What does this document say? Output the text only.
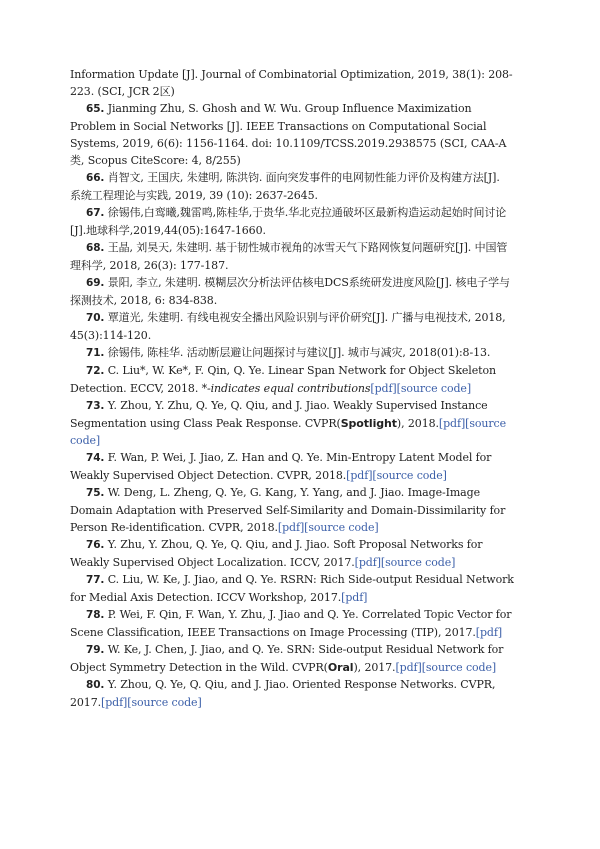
Information Update [J]. Journal of Combinatorial Optimization, 2019, 38(1): 208-223. (SCI, JCR 2区)

65. Jianming Zhu, S. Ghosh and W. Wu. Group Influence Maximization Problem in Social Networks [J]. IEEE Transactions on Computational Social Systems, 2019, 6(6): 1156-1164. doi: 10.1109/TCSS.2019.2938575 (SCI, CAA-A 类, Scopus CiteScore: 4, 8/255)

66. 肖智文, 王国庆, 朱建明, 陈洪钧. 面向突发事件的电网韧性能力评价及构建方法[J]. 系统工程理论与实践, 2019, 39 (10): 2637-2645.

67. 徐锡伟,白鸾曦,魏雷鸣,陈桂华,于贵华.华北克拉通破坏区最新构造运动起始时间讨论[J].地球科学,2019,44(05):1647-1660.

68. 王晶, 刘昊天, 朱建明. 基于韧性城市视角的冰雪天气下路网恢复问题研究[J]. 中国管理科学, 2018, 26(3): 177-187.

69. 景阳, 李立, 朱建明. 模糊层次分析法评估核电DCS系统研发进度风险[J]. 核电子学与探测技术, 2018, 6: 834-838.

70. 覃道光, 朱建明. 有线电视安全播出风险识别与评价研究[J]. 广播与电视技术, 2018, 45(3):114-120.

71. 徐锡伟, 陈桂华. 活动断层避让问题探讨与建议[J]. 城市与减灾, 2018(01):8-13.

72. C. Liu*, W. Ke*, F. Qin, Q. Ye. Linear Span Network for Object Skeleton Detection. ECCV, 2018. *-indicates equal contributions[pdf][source code]

73. Y. Zhou, Y. Zhu, Q. Ye, Q. Qiu, and J. Jiao. Weakly Supervised Instance Segmentation using Class Peak Response. CVPR(Spotlight), 2018.[pdf][source code]

74. F. Wan, P. Wei, J. Jiao, Z. Han and Q. Ye. Min-Entropy Latent Model for Weakly Supervised Object Detection. CVPR, 2018.[pdf][source code]

75. W. Deng, L. Zheng, Q. Ye, G. Kang, Y. Yang, and J. Jiao. Image-Image Domain Adaptation with Preserved Self-Similarity and Domain-Dissimilarity for Person Re-identification. CVPR, 2018.[pdf][source code]

76. Y. Zhu, Y. Zhou, Q. Ye, Q. Qiu, and J. Jiao. Soft Proposal Networks for Weakly Supervised Object Localization. ICCV, 2017.[pdf][source code]

77. C. Liu, W. Ke, J. Jiao, and Q. Ye. RSRN: Rich Side-output Residual Network for Medial Axis Detection. ICCV Workshop, 2017.[pdf]

78. P. Wei, F. Qin, F. Wan, Y. Zhu, J. Jiao and Q. Ye. Correlated Topic Vector for Scene Classification, IEEE Transactions on Image Processing (TIP), 2017.[pdf]

79. W. Ke, J. Chen, J. Jiao, and Q. Ye. SRN: Side-output Residual Network for Object Symmetry Detection in the Wild. CVPR(Oral), 2017.[pdf][source code]

80. Y. Zhou, Q. Ye, Q. Qiu, and J. Jiao. Oriented Response Networks. CVPR, 2017.[pdf][source code]
